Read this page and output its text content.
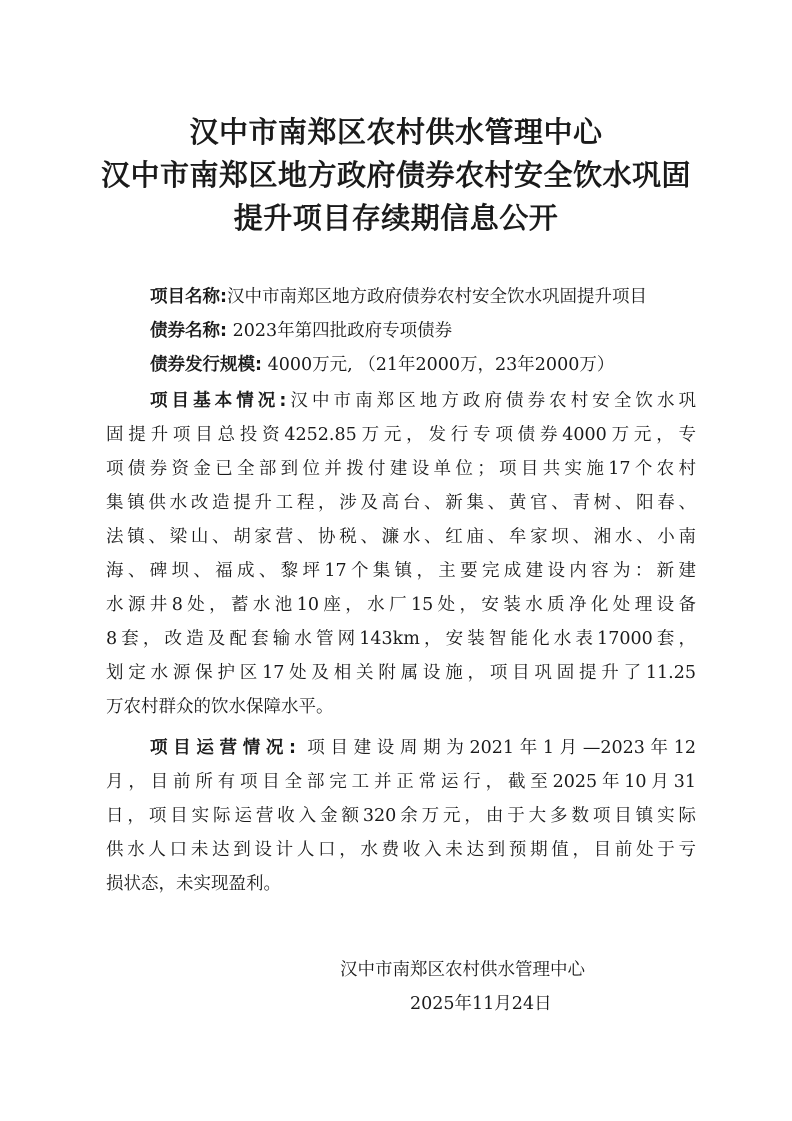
汉中市南郑区农村供水管理中心
汉中市南郑区地方政府债券农村安全饮水巩固
提升项目存续期信息公开
项目名称:汉中市南郑区地方政府债券农村安全饮水巩固提升项目
债券名称: 2023年第四批政府专项债券
债券发行规模: 4000万元, （21年2000万，23年2000万）
项目基本情况:汉中市南郑区地方政府债券农村安全饮水巩
固提升项目总投资4252.85万元，发行专项债券4000万元，专
项债券资金已全部到位并拨付建设单位；项目共实施17个农村
集镇供水改造提升工程，涉及高台、新集、黄官、青树、阳春、
法镇、梁山、胡家营、协税、濂水、红庙、牟家坝、湘水、小南
海、碑坝、福成、黎坪17个集镇，主要完成建设内容为：新建
水源井8处，蓄水池10座，水厂15处，安装水质净化处理设备
8套，改造及配套输水管网143km，安装智能化水表17000套，
划定水源保护区17处及相关附属设施，项目巩固提升了11.25
万农村群众的饮水保障水平。
项目运营情况: 项目建设周期为2021年1月—2023年12
月，目前所有项目全部完工并正常运行，截至2025年10月31
日，项目实际运营收入金额320余万元，由于大多数项目镇实际
供水人口未达到设计人口，水费收入未达到预期值，目前处于亏
损状态，未实现盈利。
汉中市南郑区农村供水管理中心
2025年11月24日
